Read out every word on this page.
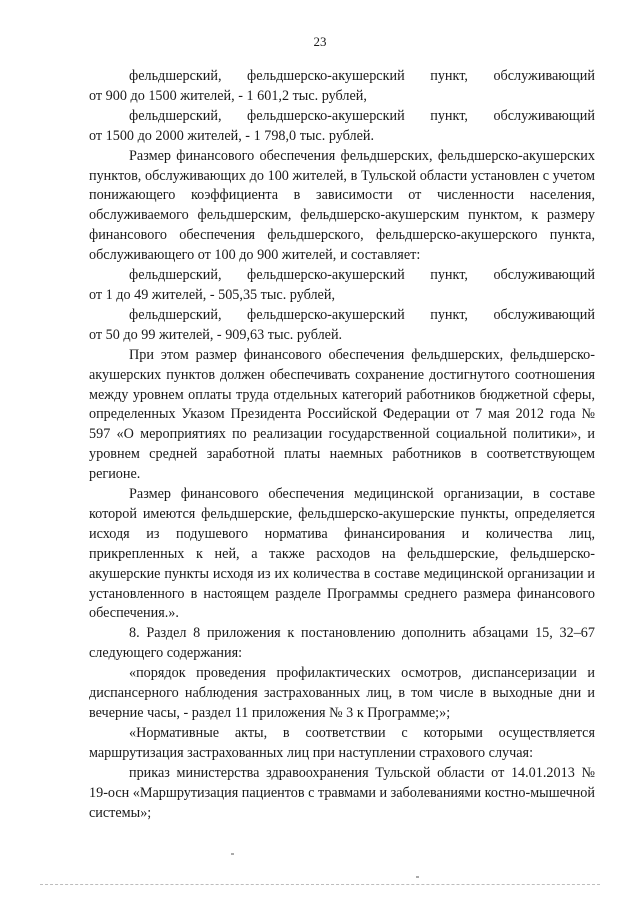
23
фельдшерский, фельдшерско-акушерский пункт, обслуживающий

от 900 до 1500 жителей, - 1 601,2 тыс. рублей,

фельдшерский, фельдшерско-акушерский пункт, обслуживающий

от 1500 до 2000 жителей, - 1 798,0 тыс. рублей.

Размер финансового обеспечения фельдшерских, фельдшерско-акушерских пунктов, обслуживающих до 100 жителей, в Тульской области установлен с учетом понижающего коэффициента в зависимости от численности населения, обслуживаемого фельдшерским, фельдшерско-акушерским пунктом, к размеру финансового обеспечения фельдшерского, фельдшерско-акушерского пункта, обслуживающего от 100 до 900 жителей, и составляет:

фельдшерский, фельдшерско-акушерский пункт, обслуживающий

от 1 до 49 жителей, - 505,35 тыс. рублей,

фельдшерский, фельдшерско-акушерский пункт, обслуживающий

от 50 до 99 жителей, - 909,63 тыс. рублей.

При этом размер финансового обеспечения фельдшерских, фельдшерско-акушерских пунктов должен обеспечивать сохранение достигнутого соотношения между уровнем оплаты труда отдельных категорий работников бюджетной сферы, определенных Указом Президента Российской Федерации от 7 мая 2012 года № 597 «О мероприятиях по реализации государственной социальной политики», и уровнем средней заработной платы наемных работников в соответствующем регионе.

Размер финансового обеспечения медицинской организации, в составе которой имеются фельдшерские, фельдшерско-акушерские пункты, определяется исходя из подушевого норматива финансирования и количества лиц, прикрепленных к ней, а также расходов на фельдшерские, фельдшерско-акушерские пункты исходя из их количества в составе медицинской организации и установленного в настоящем разделе Программы среднего размера финансового обеспечения.».

8. Раздел 8 приложения к постановлению дополнить абзацами 15, 32–67 следующего содержания:

«порядок проведения профилактических осмотров, диспансеризации и диспансерного наблюдения застрахованных лиц, в том числе в выходные дни и вечерние часы, - раздел 11 приложения № 3 к Программе;»;

«Нормативные акты, в соответствии с которыми осуществляется маршрутизация застрахованных лиц при наступлении страхового случая:

приказ министерства здравоохранения Тульской области от 14.01.2013 № 19-осн «Маршрутизация пациентов с травмами и заболеваниями костно-мышечной системы»;
